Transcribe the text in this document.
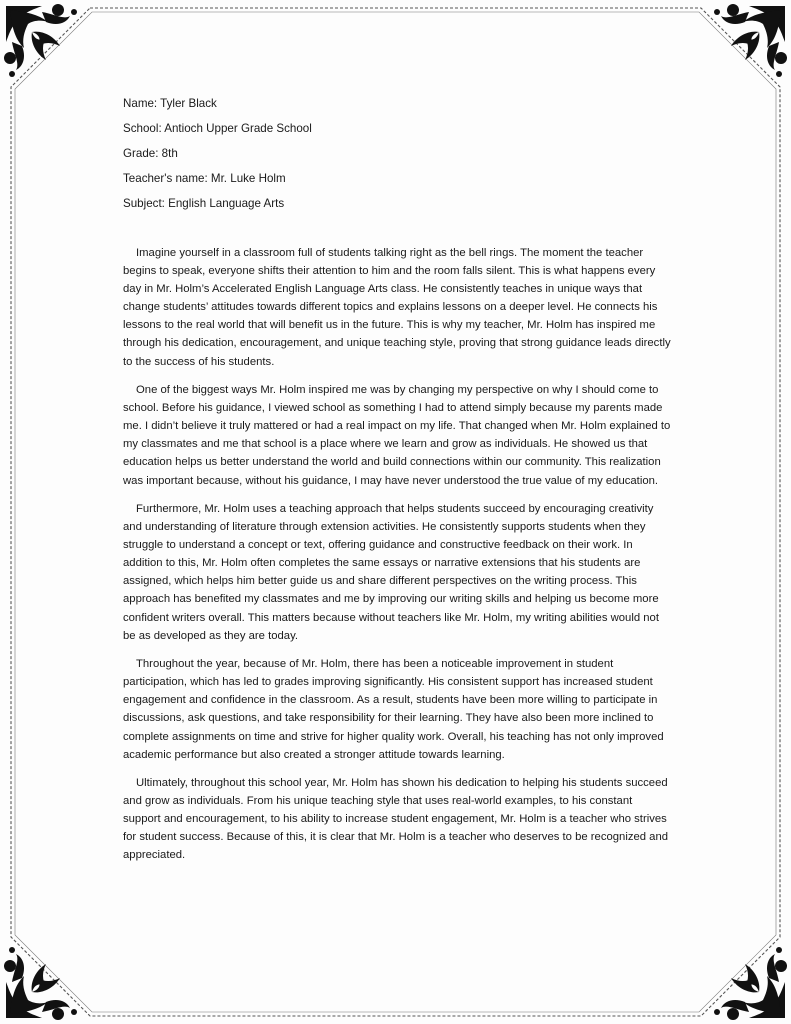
Name: Tyler Black
School: Antioch Upper Grade School
Grade: 8th
Teacher's name: Mr. Luke Holm
Subject: English Language Arts

Imagine yourself in a classroom full of students talking right as the bell rings. The moment the teacher begins to speak, everyone shifts their attention to him and the room falls silent. This is what happens every day in Mr. Holm’s Accelerated English Language Arts class. He consistently teaches in unique ways that change students’ attitudes towards different topics and explains lessons on a deeper level. He connects his lessons to the real world that will benefit us in the future. This is why my teacher, Mr. Holm has inspired me through his dedication, encouragement, and unique teaching style, proving that strong guidance leads directly to the success of his students.

One of the biggest ways Mr. Holm inspired me was by changing my perspective on why I should come to school. Before his guidance, I viewed school as something I had to attend simply because my parents made me. I didn’t believe it truly mattered or had a real impact on my life. That changed when Mr. Holm explained to my classmates and me that school is a place where we learn and grow as individuals. He showed us that education helps us better understand the world and build connections within our community. This realization was important because, without his guidance, I may have never understood the true value of my education.

Furthermore, Mr. Holm uses a teaching approach that helps students succeed by encouraging creativity and understanding of literature through extension activities. He consistently supports students when they struggle to understand a concept or text, offering guidance and constructive feedback on their work. In addition to this, Mr. Holm often completes the same essays or narrative extensions that his students are assigned, which helps him better guide us and share different perspectives on the writing process. This approach has benefited my classmates and me by improving our writing skills and helping us become more confident writers overall. This matters because without teachers like Mr. Holm, my writing abilities would not be as developed as they are today.

Throughout the year, because of Mr. Holm, there has been a noticeable improvement in student participation, which has led to grades improving significantly. His consistent support has increased student engagement and confidence in the classroom. As a result, students have been more willing to participate in discussions, ask questions, and take responsibility for their learning. They have also been more inclined to complete assignments on time and strive for higher quality work. Overall, his teaching has not only improved academic performance but also created a stronger attitude towards learning.

Ultimately, throughout this school year, Mr. Holm has shown his dedication to helping his students succeed and grow as individuals. From his unique teaching style that uses real-world examples, to his constant support and encouragement, to his ability to increase student engagement, Mr. Holm is a teacher who strives for student success. Because of this, it is clear that Mr. Holm is a teacher who deserves to be recognized and appreciated.
